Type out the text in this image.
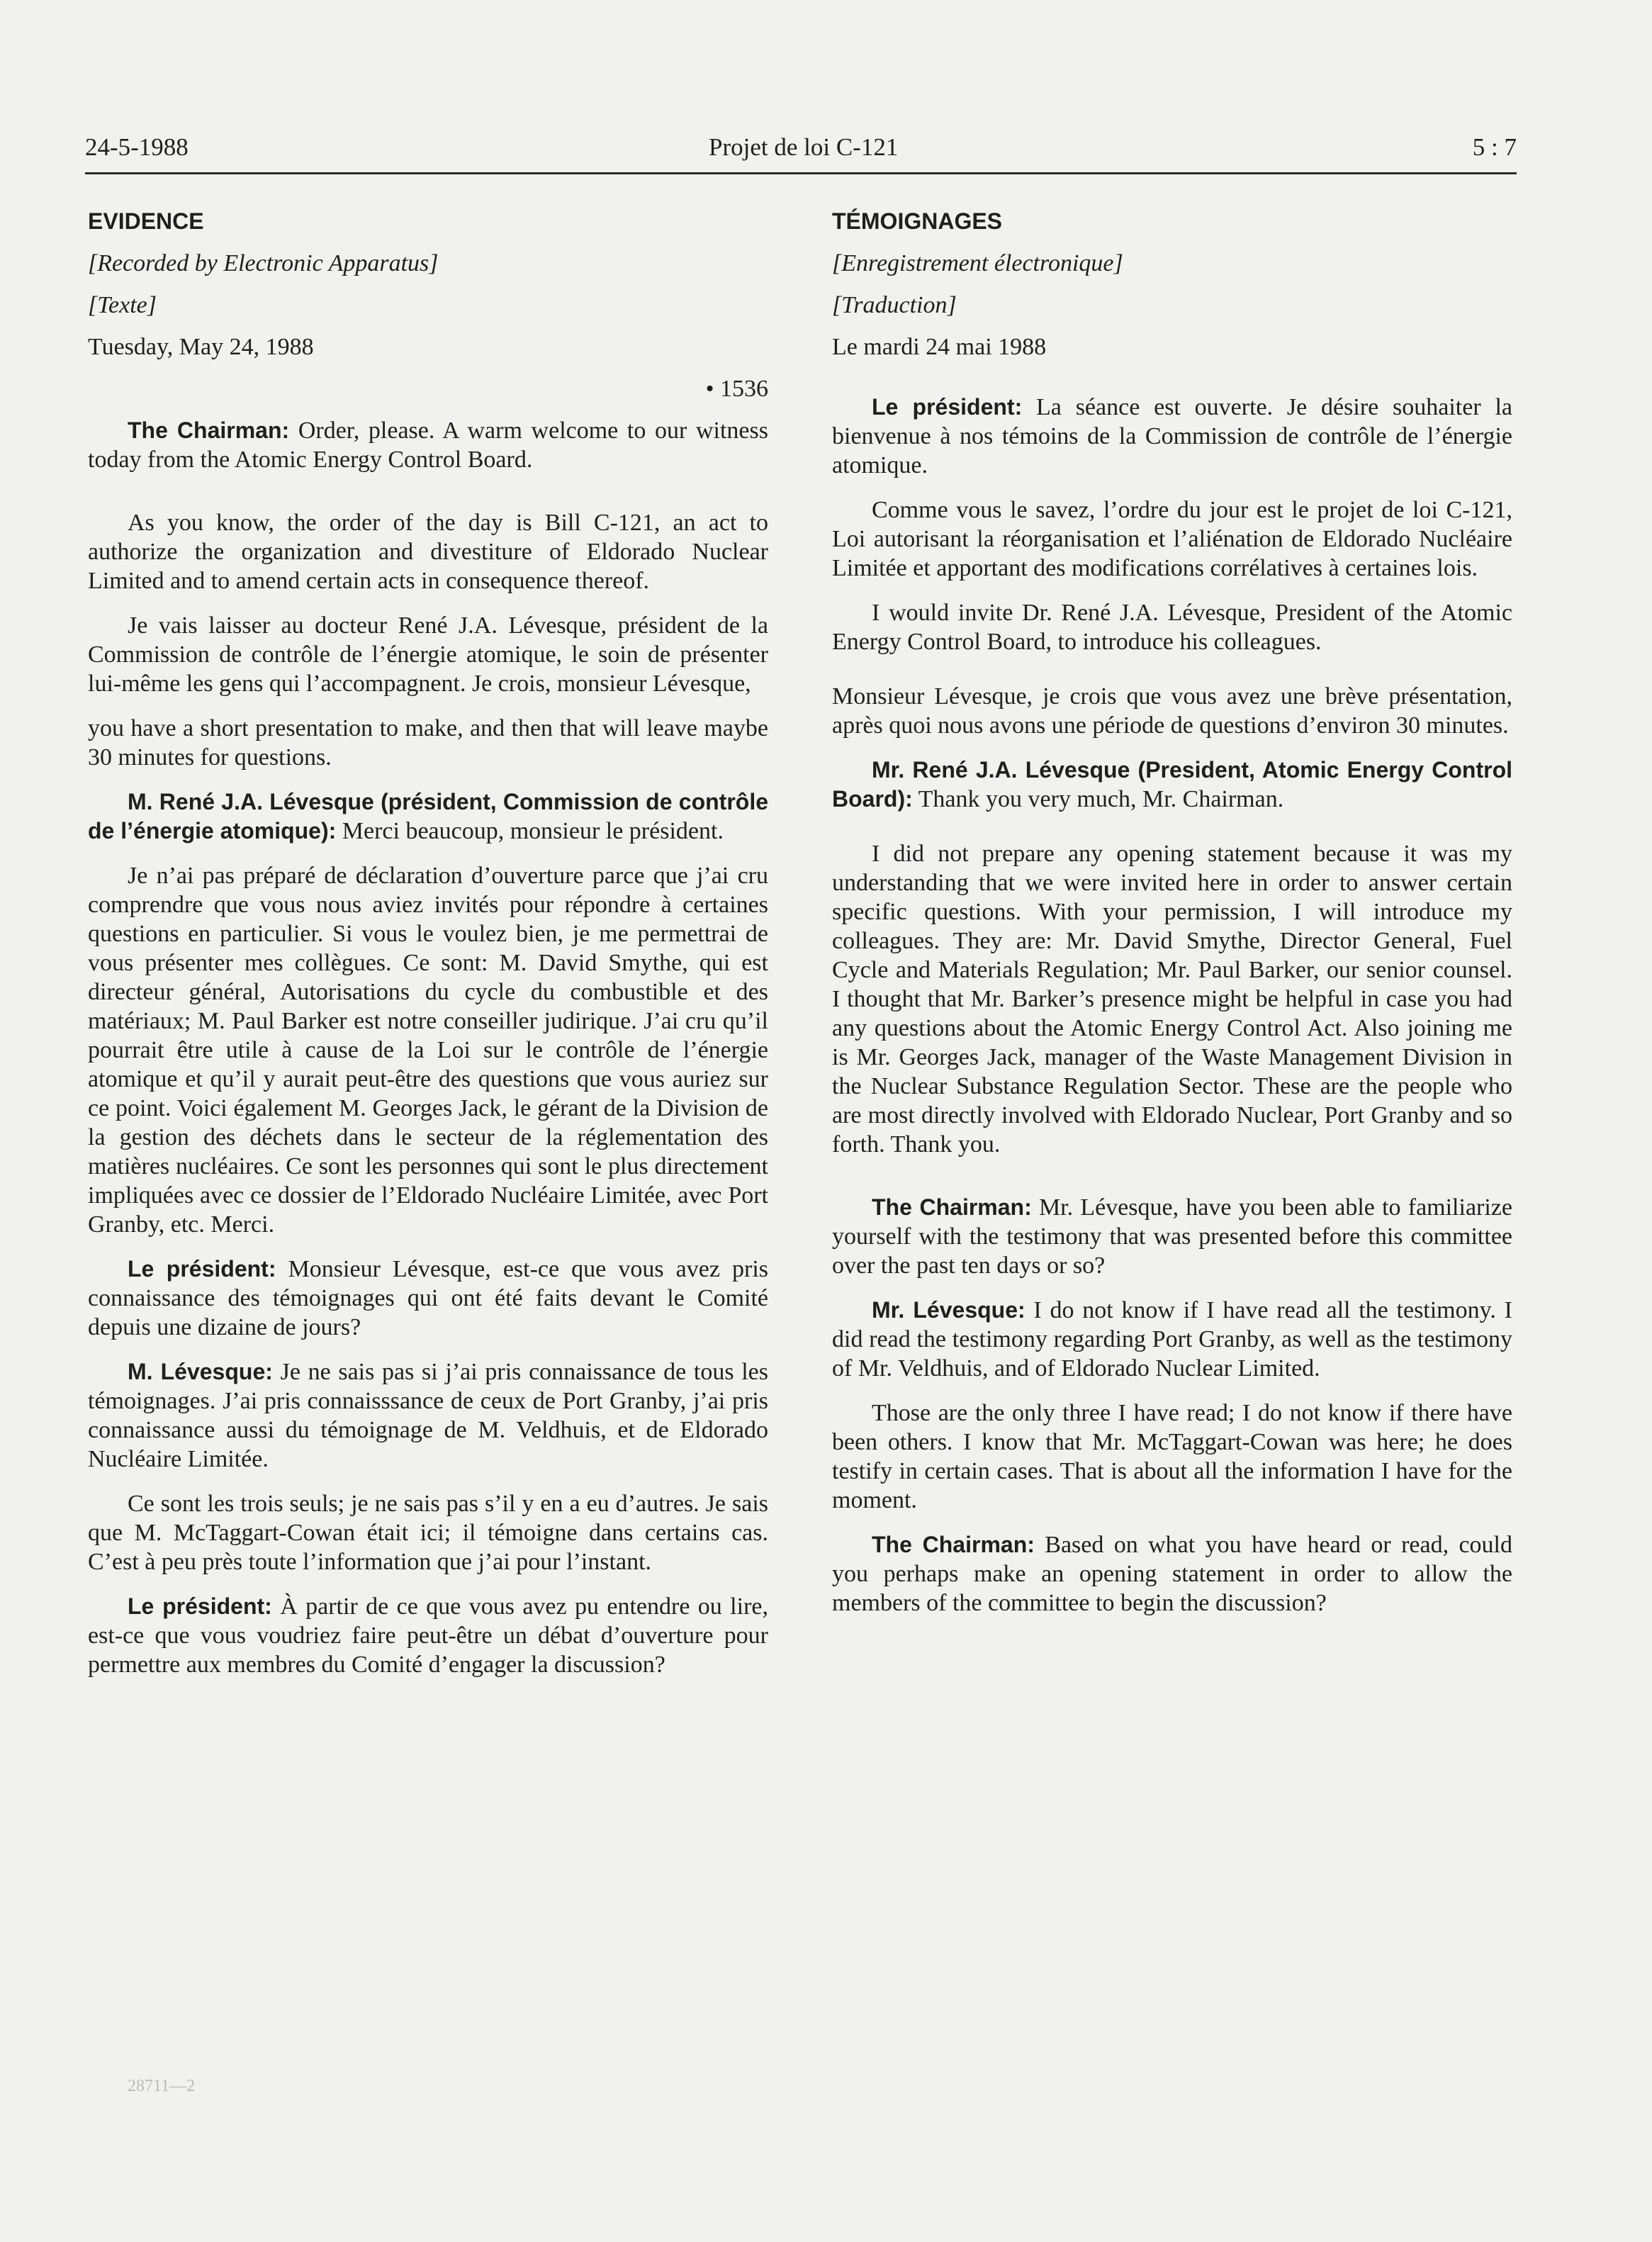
24-5-1988	Projet de loi C-121	5 : 7
EVIDENCE
[Recorded by Electronic Apparatus]
[Texte]
Tuesday, May 24, 1988
• 1536

The Chairman: Order, please. A warm welcome to our witness today from the Atomic Energy Control Board.

As you know, the order of the day is Bill C-121, an act to authorize the organization and divestiture of Eldorado Nuclear Limited and to amend certain acts in consequence thereof.

Je vais laisser au docteur René J.A. Lévesque, président de la Commission de contrôle de l’énergie atomique, le soin de présenter lui-même les gens qui l’accompagnent. Je crois, monsieur Lévesque,

you have a short presentation to make, and then that will leave maybe 30 minutes for questions.

M. René J.A. Lévesque (président, Commission de contrôle de l’énergie atomique): Merci beaucoup, monsieur le président.

Je n’ai pas préparé de déclaration d’ouverture parce que j’ai cru comprendre que vous nous aviez invités pour répondre à certaines questions en particulier. Si vous le voulez bien, je me permettrai de vous présenter mes collègues. Ce sont: M. David Smythe, qui est directeur général, Autorisations du cycle du combustible et des matériaux; M. Paul Barker est notre conseiller judirique. J’ai cru qu’il pourrait être utile à cause de la Loi sur le contrôle de l’énergie atomique et qu’il y aurait peut-être des questions que vous auriez sur ce point. Voici également M. Georges Jack, le gérant de la Division de la gestion des déchets dans le secteur de la réglementation des matières nucléaires. Ce sont les personnes qui sont le plus directement impliquées avec ce dossier de l’Eldorado Nucléaire Limitée, avec Port Granby, etc. Merci.

Le président: Monsieur Lévesque, est-ce que vous avez pris connaissance des témoignages qui ont été faits devant le Comité depuis une dizaine de jours?

M. Lévesque: Je ne sais pas si j’ai pris connaissance de tous les témoignages. J’ai pris connaisssance de ceux de Port Granby, j’ai pris connaissance aussi du témoignage de M. Veldhuis, et de Eldorado Nucléaire Limitée.

Ce sont les trois seuls; je ne sais pas s’il y en a eu d’autres. Je sais que M. McTaggart-Cowan était ici; il témoigne dans certains cas. C’est à peu près toute l’information que j’ai pour l’instant.

Le président: À partir de ce que vous avez pu entendre ou lire, est-ce que vous voudriez faire peut-être un débat d’ouverture pour permettre aux membres du Comité d’engager la discussion?

TÉMOIGNAGES
[Enregistrement électronique]
[Traduction]
Le mardi 24 mai 1988

Le président: La séance est ouverte. Je désire souhaiter la bienvenue à nos témoins de la Commission de contrôle de l’énergie atomique.

Comme vous le savez, l’ordre du jour est le projet de loi C-121, Loi autorisant la réorganisation et l’aliénation de Eldorado Nucléaire Limitée et apportant des modifications corrélatives à certaines lois.

I would invite Dr. René J.A. Lévesque, President of the Atomic Energy Control Board, to introduce his colleagues.

Monsieur Lévesque, je crois que vous avez une brève présentation, après quoi nous avons une période de questions d’environ 30 minutes.

Mr. René J.A. Lévesque (President, Atomic Energy Control Board): Thank you very much, Mr. Chairman.

I did not prepare any opening statement because it was my understanding that we were invited here in order to answer certain specific questions. With your permission, I will introduce my colleagues. They are: Mr. David Smythe, Director General, Fuel Cycle and Materials Regulation; Mr. Paul Barker, our senior counsel. I thought that Mr. Barker’s presence might be helpful in case you had any questions about the Atomic Energy Control Act. Also joining me is Mr. Georges Jack, manager of the Waste Management Division in the Nuclear Substance Regulation Sector. These are the people who are most directly involved with Eldorado Nuclear, Port Granby and so forth. Thank you.

The Chairman: Mr. Lévesque, have you been able to familiarize yourself with the testimony that was presented before this committee over the past ten days or so?

Mr. Lévesque: I do not know if I have read all the testimony. I did read the testimony regarding Port Granby, as well as the testimony of Mr. Veldhuis, and of Eldorado Nuclear Limited.

Those are the only three I have read; I do not know if there have been others. I know that Mr. McTaggart-Cowan was here; he does testify in certain cases. That is about all the information I have for the moment.

The Chairman: Based on what you have heard or read, could you perhaps make an opening statement in order to allow the members of the committee to begin the discussion?

28711—2
